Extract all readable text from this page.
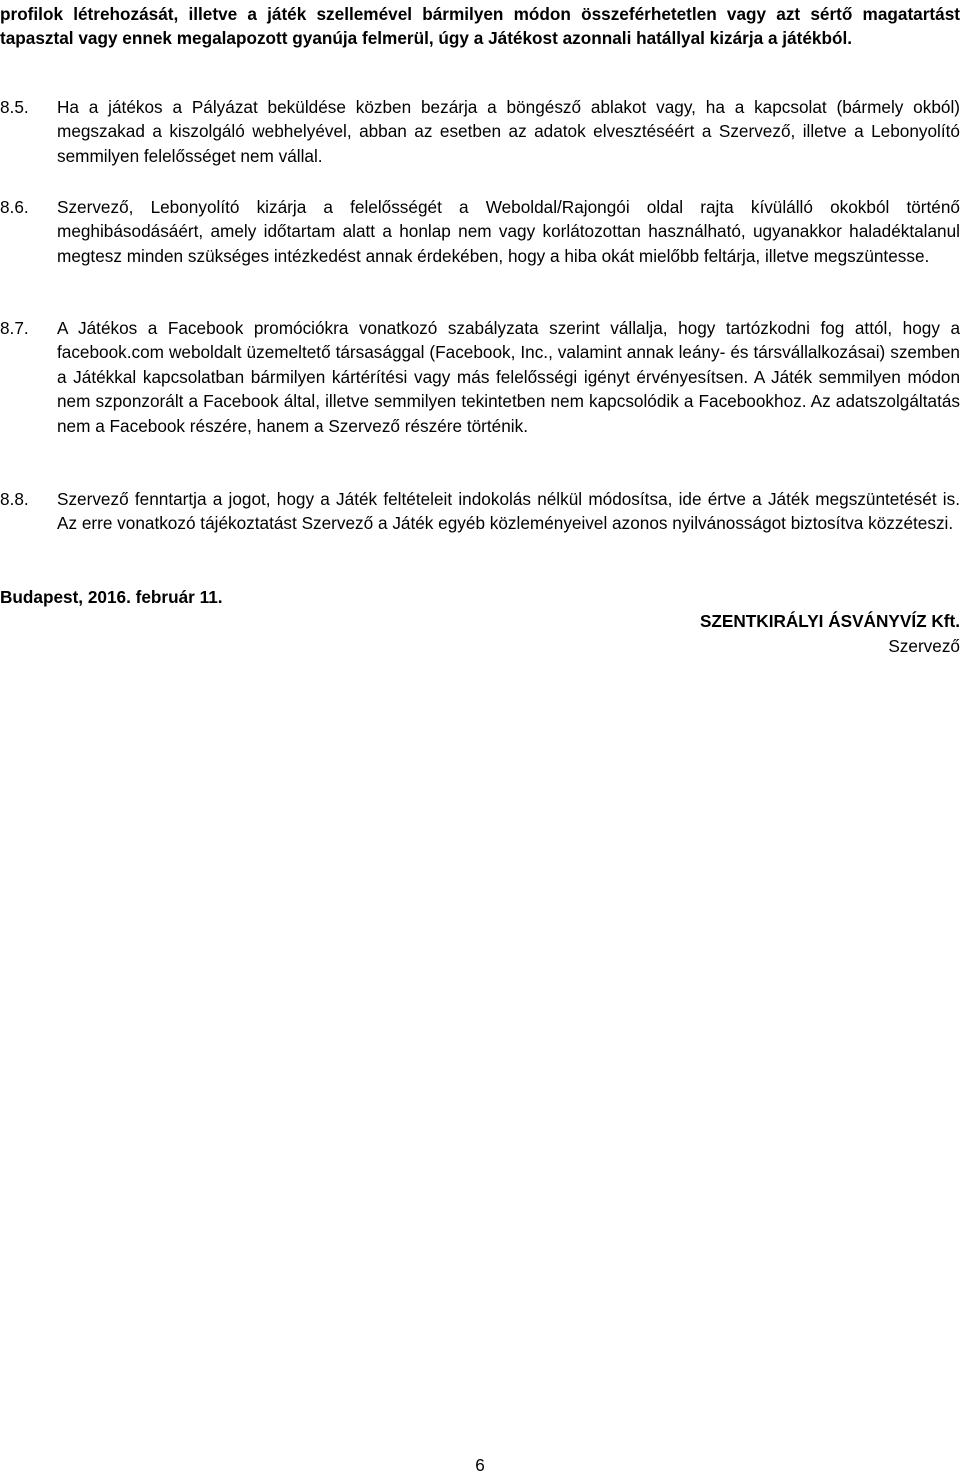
profilok létrehozását, illetve a játék szellemével bármilyen módon összeférhetetlen vagy azt sértő magatartást tapasztal vagy ennek megalapozott gyanúja felmerül, úgy a Játékost azonnali hatállyal kizárja a játékból.
8.5.	Ha a játékos a Pályázat beküldése közben bezárja a böngésző ablakot vagy, ha a kapcsolat (bármely okból) megszakad a kiszolgáló webhelyével, abban az esetben az adatok elvesztéséért a Szervező, illetve a Lebonyolító semmilyen felelősséget nem vállal.
8.6.	Szervező, Lebonyolító kizárja a felelősségét a Weboldal/Rajongói oldal rajta kívülálló okokból történő meghibásodásáért, amely időtartam alatt a honlap nem vagy korlátozottan használható, ugyanakkor haladéktalanul megtesz minden szükséges intézkedést annak érdekében, hogy a hiba okát mielőbb feltárja, illetve megszüntesse.
8.7.	A Játékos a Facebook promóciókra vonatkozó szabályzata szerint vállalja, hogy tartózkodni fog attól, hogy a facebook.com weboldalt üzemeltető társasággal (Facebook, Inc., valamint annak leány- és társvállalkozásai) szemben a Játékkal kapcsolatban bármilyen kártérítési vagy más felelősségi igényt érvényesítsen. A Játék semmilyen módon nem szponzorált a Facebook által, illetve semmilyen tekintetben nem kapcsolódik a Facebookhoz. Az adatszolgáltatás nem a Facebook részére, hanem a Szervező részére történik.
8.8.	Szervező fenntartja a jogot, hogy a Játék feltételeit indokolás nélkül módosítsa, ide értve a Játék megszüntetését is. Az erre vonatkozó tájékoztatást Szervező a Játék egyéb közleményeivel azonos nyilvánosságot biztosítva közzéteszi.
Budapest, 2016. február 11.
SZENTKIRÁLYI ÁSVÁNYVÍZ Kft.
Szervező
6
